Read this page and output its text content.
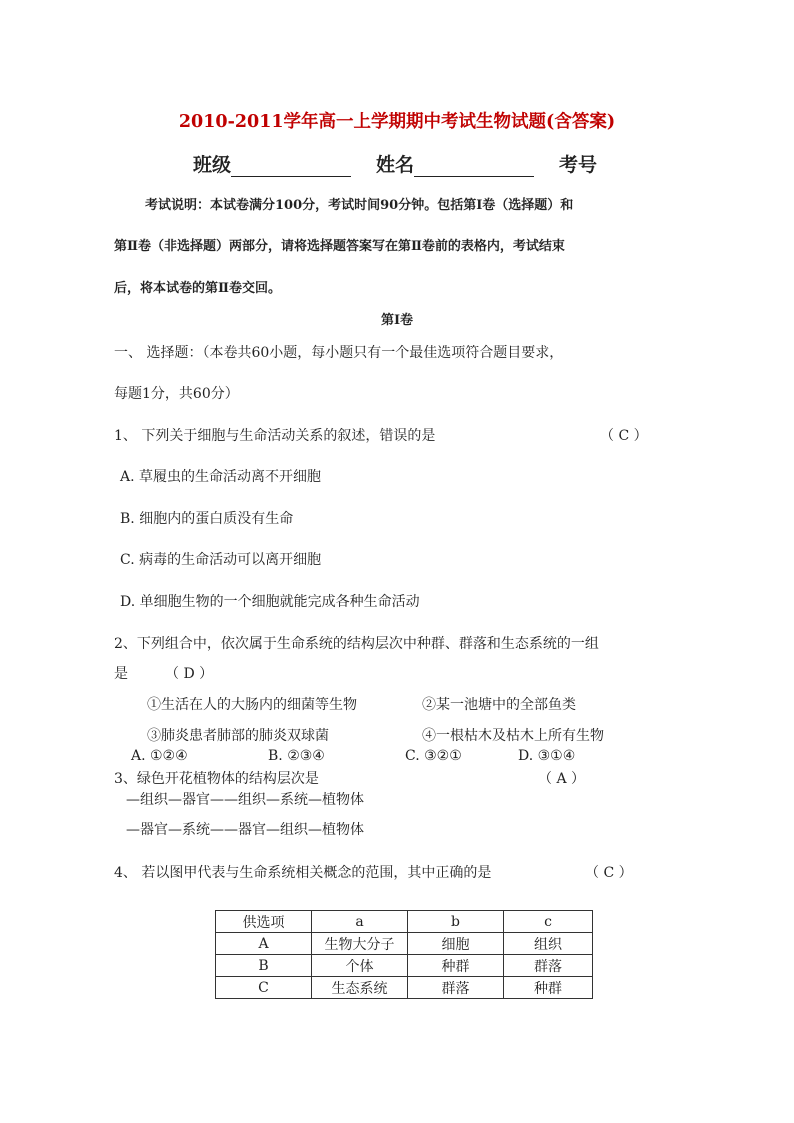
2010-2011学年高一上学期期中考试生物试题(含答案)
班级	姓名	考号
考试说明：本试卷满分100分，考试时间90分钟。包括第Ⅰ卷（选择题）和
第Ⅱ卷（非选择题）两部分，请将选择题答案写在第Ⅱ卷前的表格内，考试结束
后，将本试卷的第Ⅱ卷交回。
第Ⅰ卷
一、 选择题：（本卷共60小题，每小题只有一个最佳选项符合题目要求，
每题1分，共60分）
1、 下列关于细胞与生命活动关系的叙述，错误的是	（ C ）
A. 草履虫的生命活动离不开细胞
B. 细胞内的蛋白质没有生命
C. 病毒的生命活动可以离开细胞
D. 单细胞生物的一个细胞就能完成各种生命活动
2、下列组合中，依次属于生命系统的结构层次中种群、群落和生态系统的一组
是	（ D ）
①生活在人的大肠内的细菌等生物	②某一池塘中的全部鱼类
③肺炎患者肺部的肺炎双球菌	④一根枯木及枯木上所有生物
A. ①②④	B. ②③④	C. ③②①	D. ③①④
3、绿色开花植物体的结构层次是	（ A ）
—组织—器官——组织—系统—植物体
—器官—系统——器官—组织—植物体
4、 若以图甲代表与生命系统相关概念的范围，其中正确的是	（ C ）
供选项	a	b	c
A	生物大分子	细胞	组织
B	个体	种群	群落
C	生态系统	群落	种群
